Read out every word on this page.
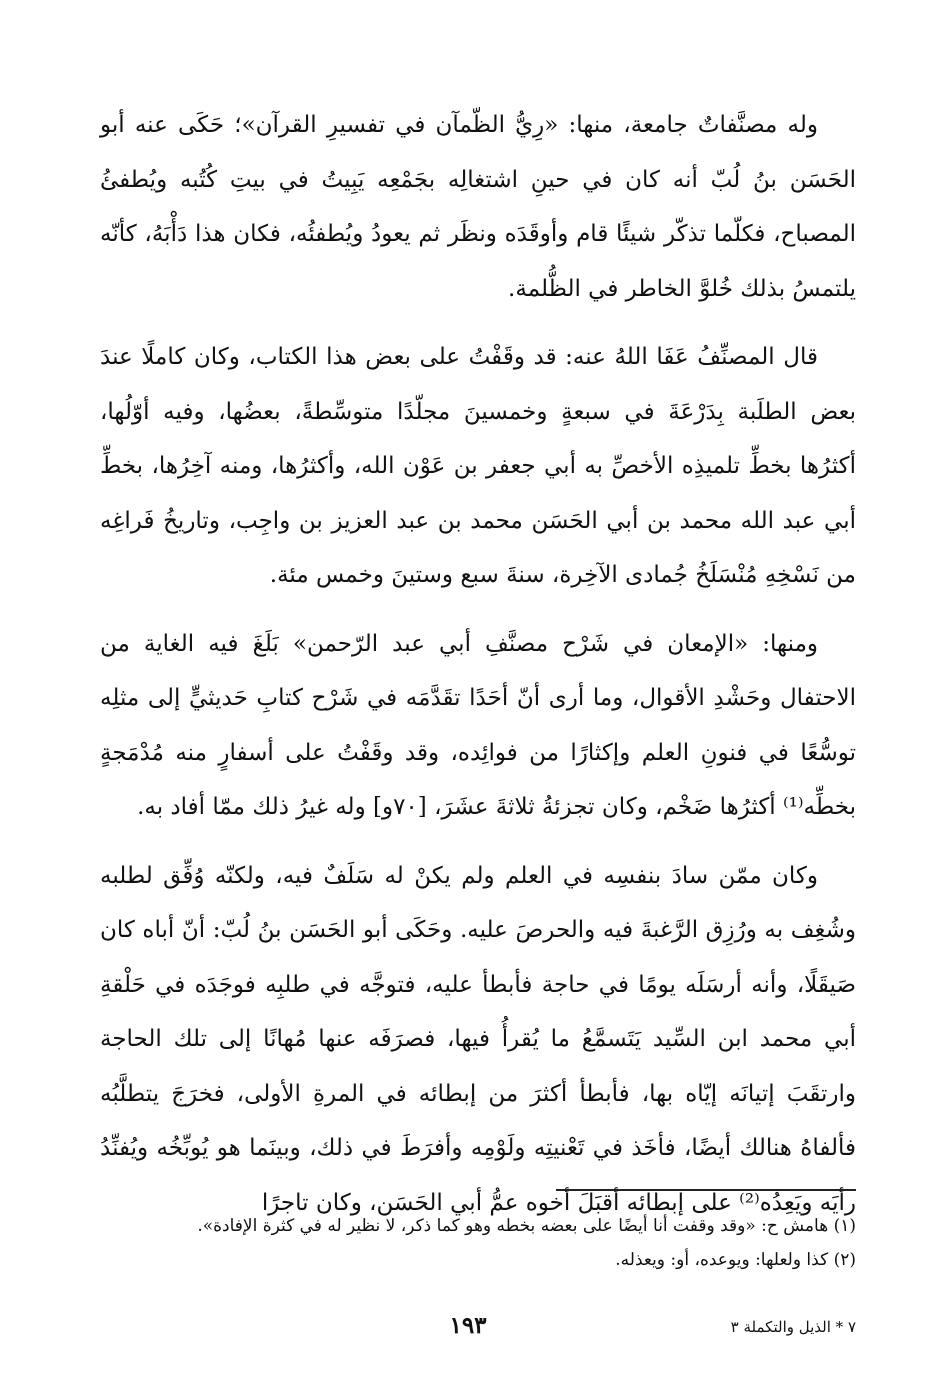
وله مصنَّفاتٌ جامعة، منها: «رِيُّ الظّمآن في تفسيرِ القرآن»؛ حَكَى عنه أبو الحَسَن بنُ لُبّ أنه كان في حينِ اشتغالِه بجَمْعِه يَبِيتُ في بيتِ كُتُبه ويُطفئُ المصباح، فكلّما تذكّر شيئًا قام وأوقَدَه ونظَر ثم يعودُ ويُطفئُه، فكان هذا دَأْبَهُ، كأنّه يلتمسُ بذلك خُلوَّ الخاطر في الظُّلمة.

قال المصنِّفُ عَفَا اللهُ عنه: قد وقَفْتُ على بعض هذا الكتاب، وكان كاملًا عندَ بعض الطلَبة بِدَرْعَةَ في سبعةٍ وخمسينَ مجلّدًا متوسِّطةً، بعضُها، وفيه أوّلُها، أكثرُها بخطِّ تلميذِه الأخصِّ به أبي جعفر بن عَوْن الله، وأكثرُها، ومنه آخِرُها، بخطِّ أبي عبد الله محمد بن أبي الحَسَن محمد بن عبد العزيز بن واجِب، وتاريخُ فَراغِه من نَسْخِهِ مُنْسَلَخُ جُمادى الآخِرة، سنةَ سبع وستينَ وخمس مئة.

ومنها: «الإمعان في شَرْح مصنَّفِ أبي عبد الرّحمن» بَلَغَ فيه الغاية من الاحتفال وحَشْدِ الأقوال، وما أرى أنّ أحَدًا تقَدَّمَه في شَرْح كتابِ حَديثيٍّ إلى مثلِه توسُّعًا في فنونِ العلم وإكثارًا من فوائِده، وقد وقَفْتُ على أسفارٍ منه مُدْمَجةٍ بخطِّه⁽¹⁾ أكثرُها ضَخْم، وكان تجزئةُ ثلاثةَ عشَرَ، [٧٠و] وله غيرُ ذلك ممّا أفاد به.

وكان ممّن سادَ بنفسِه في العلم ولم يكنْ له سَلَفٌ فيه، ولكنّه وُفِّق لطلبه وشُغِف به ورُزِق الرَّغبةَ فيه والحرصَ عليه. وحَكَى أبو الحَسَن بنُ لُبّ: أنّ أباه كان صَيقَلًا، وأنه أرسَلَه يومًا في حاجة فأبطأ عليه، فتوجَّه في طلبِه فوجَدَه في حَلْقةِ أبي محمد ابن السِّيد يَتَسمَّعُ ما يُقرأُ فيها، فصرَفَه عنها مُهانًا إلى تلك الحاجة وارتقَبَ إتيانَه إيّاه بها، فأبطأ أكثرَ من إبطائه في المرةِ الأولى، فخرَجَ يتطلَّبُه فألفاهُ هنالك أيضًا، فأخَذ في تَعْنيتِه ولَوْمِه وأفرَطَ في ذلك، وبينَما هو يُوبِّخُه ويُفنِّدُ رأيَه ويَعِدُه⁽²⁾ على إبطائه أقبَلَ أخوه عمُّ أبي الحَسَن، وكان تاجرًا

(١) هامش ح: «وقد وقفت أنا أيضًا على بعضه بخطه وهو كما ذكر، لا نظير له في كثرة الإفادة».

(٢) كذا ولعلها: ويوعده، أو: ويعذله.

١٩٣	٧ * الذيل والتكملة ٣
